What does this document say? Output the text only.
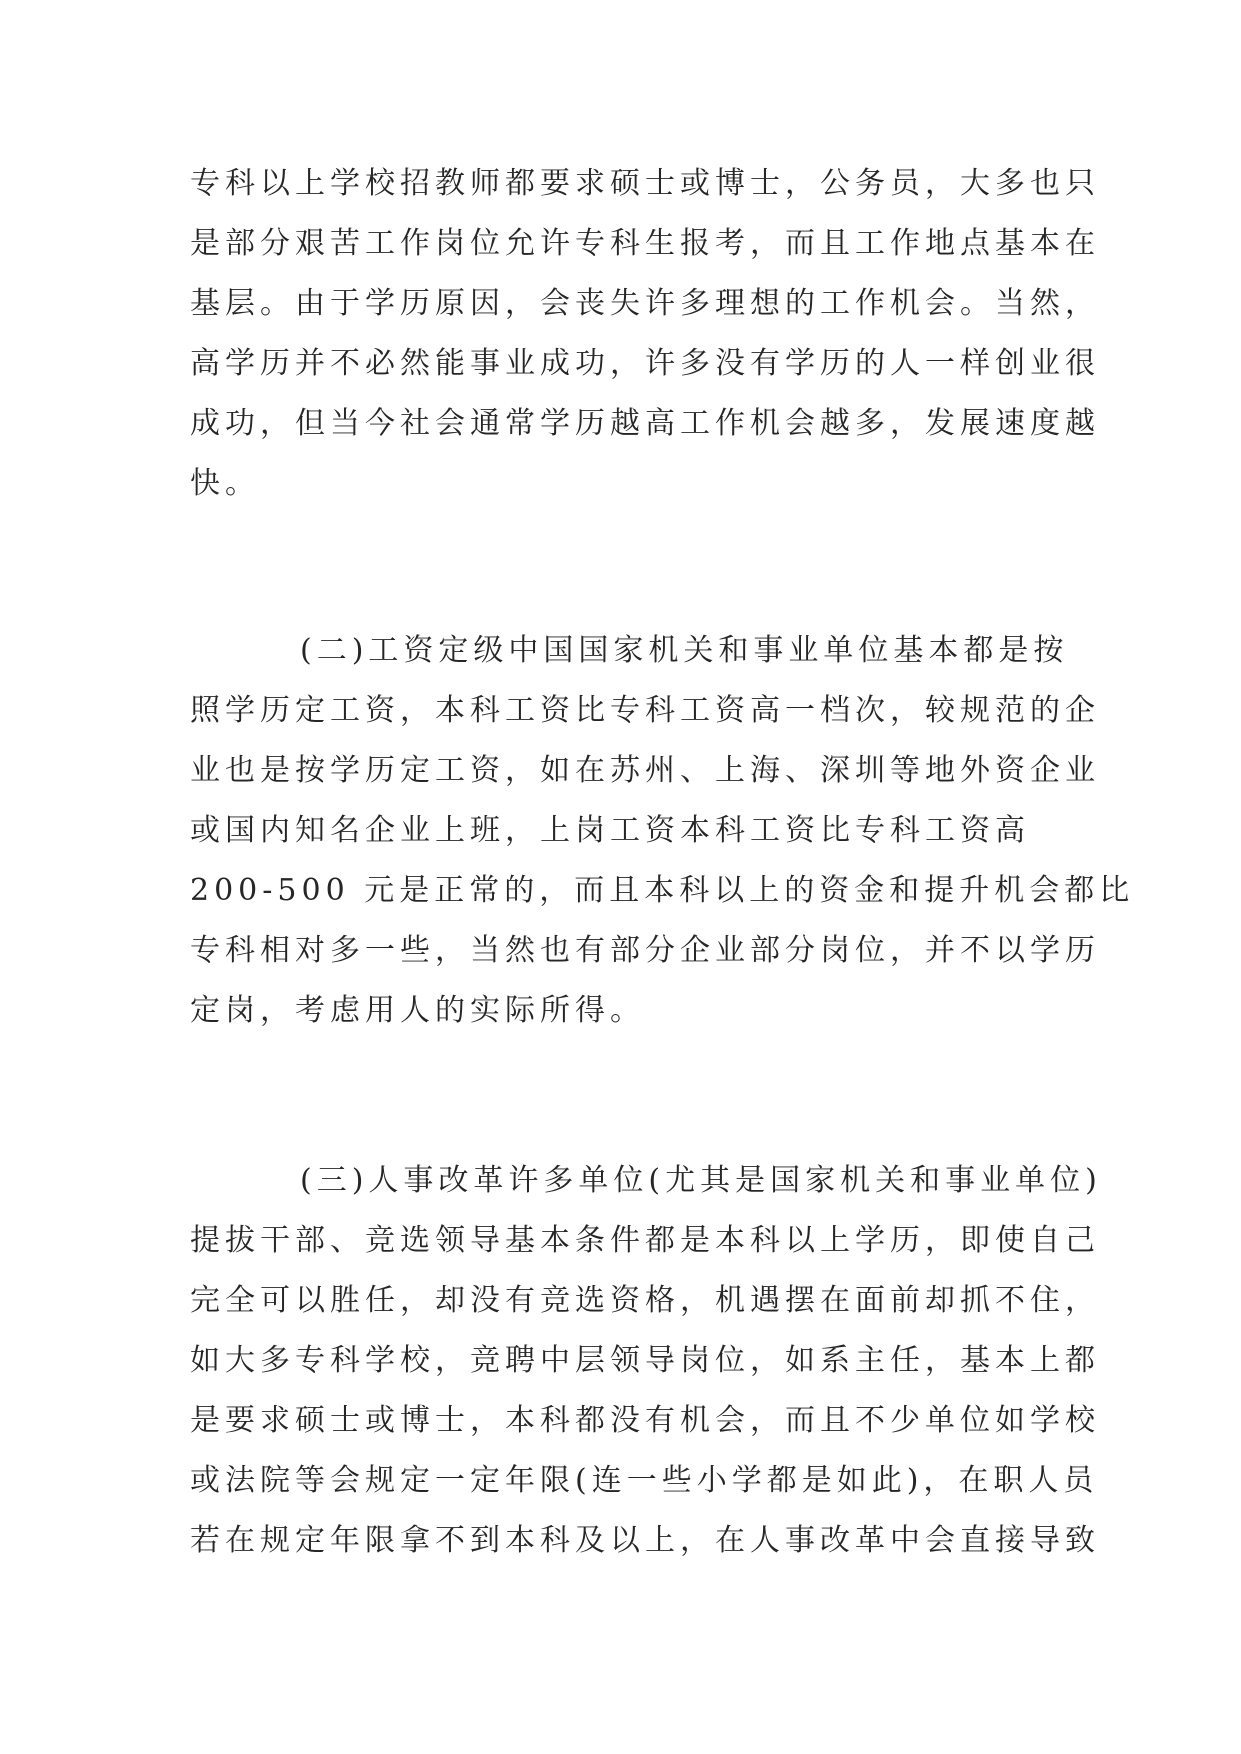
专科以上学校招教师都要求硕士或博士，公务员，大多也只
是部分艰苦工作岗位允许专科生报考，而且工作地点基本在
基层。由于学历原因，会丧失许多理想的工作机会。当然，
高学历并不必然能事业成功，许多没有学历的人一样创业很
成功，但当今社会通常学历越高工作机会越多，发展速度越
快。
(二)工资定级中国国家机关和事业单位基本都是按
照学历定工资，本科工资比专科工资高一档次，较规范的企
业也是按学历定工资，如在苏州、上海、深圳等地外资企业
或国内知名企业上班，上岗工资本科工资比专科工资高
200-500 元是正常的，而且本科以上的资金和提升机会都比
专科相对多一些，当然也有部分企业部分岗位，并不以学历
定岗，考虑用人的实际所得。
(三)人事改革许多单位(尤其是国家机关和事业单位)
提拔干部、竞选领导基本条件都是本科以上学历，即使自己
完全可以胜任，却没有竞选资格，机遇摆在面前却抓不住，
如大多专科学校，竞聘中层领导岗位，如系主任，基本上都
是要求硕士或博士，本科都没有机会，而且不少单位如学校
或法院等会规定一定年限(连一些小学都是如此)，在职人员
若在规定年限拿不到本科及以上，在人事改革中会直接导致
